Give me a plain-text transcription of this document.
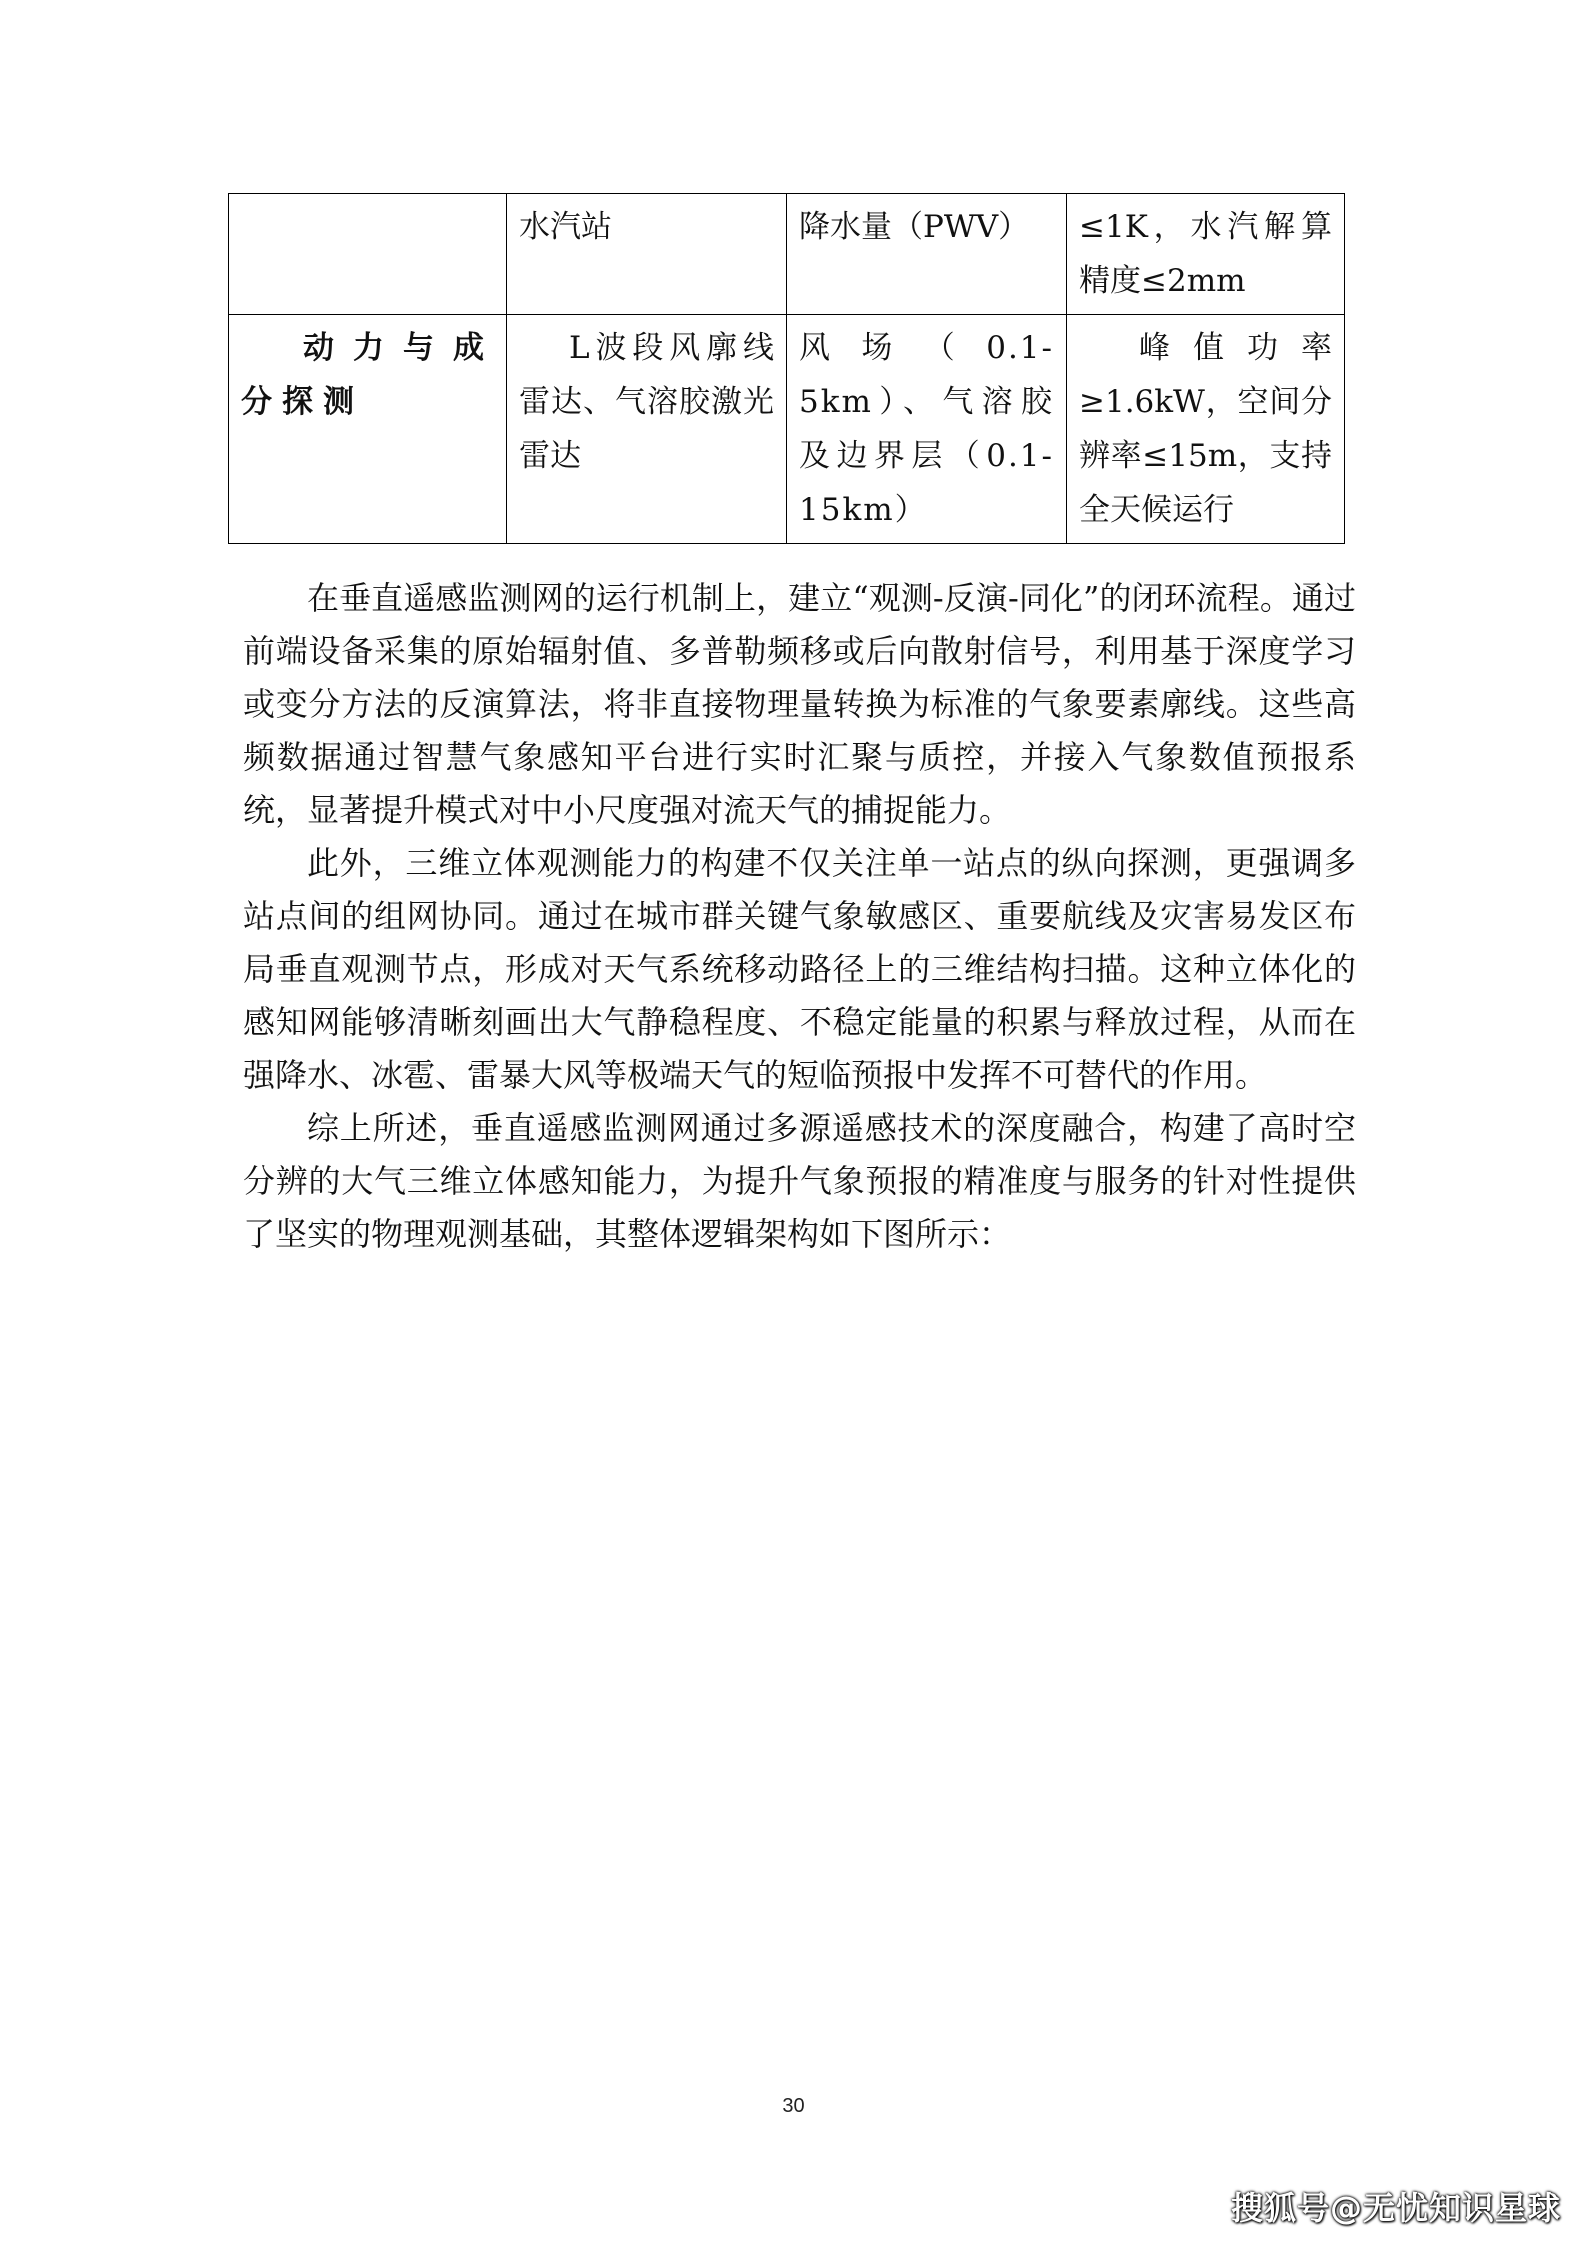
	水汽站	降水量（PWV）	≤1K，水汽解算精度≤2mm
动力与成分探测	L波段风廓线雷达、气溶胶激光雷达	风场（0.1-5km）、气溶胶及边界层（0.1-15km）	峰值功率≥1.6kW，空间分辨率≤15m，支持全天候运行

在垂直遥感监测网的运行机制上，建立“观测-反演-同化”的闭环流程。通过前端设备采集的原始辐射值、多普勒频移或后向散射信号，利用基于深度学习或变分方法的反演算法，将非直接物理量转换为标准的气象要素廓线。这些高频数据通过智慧气象感知平台进行实时汇聚与质控，并接入气象数值预报系统，显著提升模式对中小尺度强对流天气的捕捉能力。

此外，三维立体观测能力的构建不仅关注单一站点的纵向探测，更强调多站点间的组网协同。通过在城市群关键气象敏感区、重要航线及灾害易发区布局垂直观测节点，形成对天气系统移动路径上的三维结构扫描。这种立体化的感知网能够清晰刻画出大气静稳程度、不稳定能量的积累与释放过程，从而在强降水、冰雹、雷暴大风等极端天气的短临预报中发挥不可替代的作用。

综上所述，垂直遥感监测网通过多源遥感技术的深度融合，构建了高时空分辨的大气三维立体感知能力，为提升气象预报的精准度与服务的针对性提供了坚实的物理观测基础，其整体逻辑架构如下图所示：

30
搜狐号@无忧知识星球
